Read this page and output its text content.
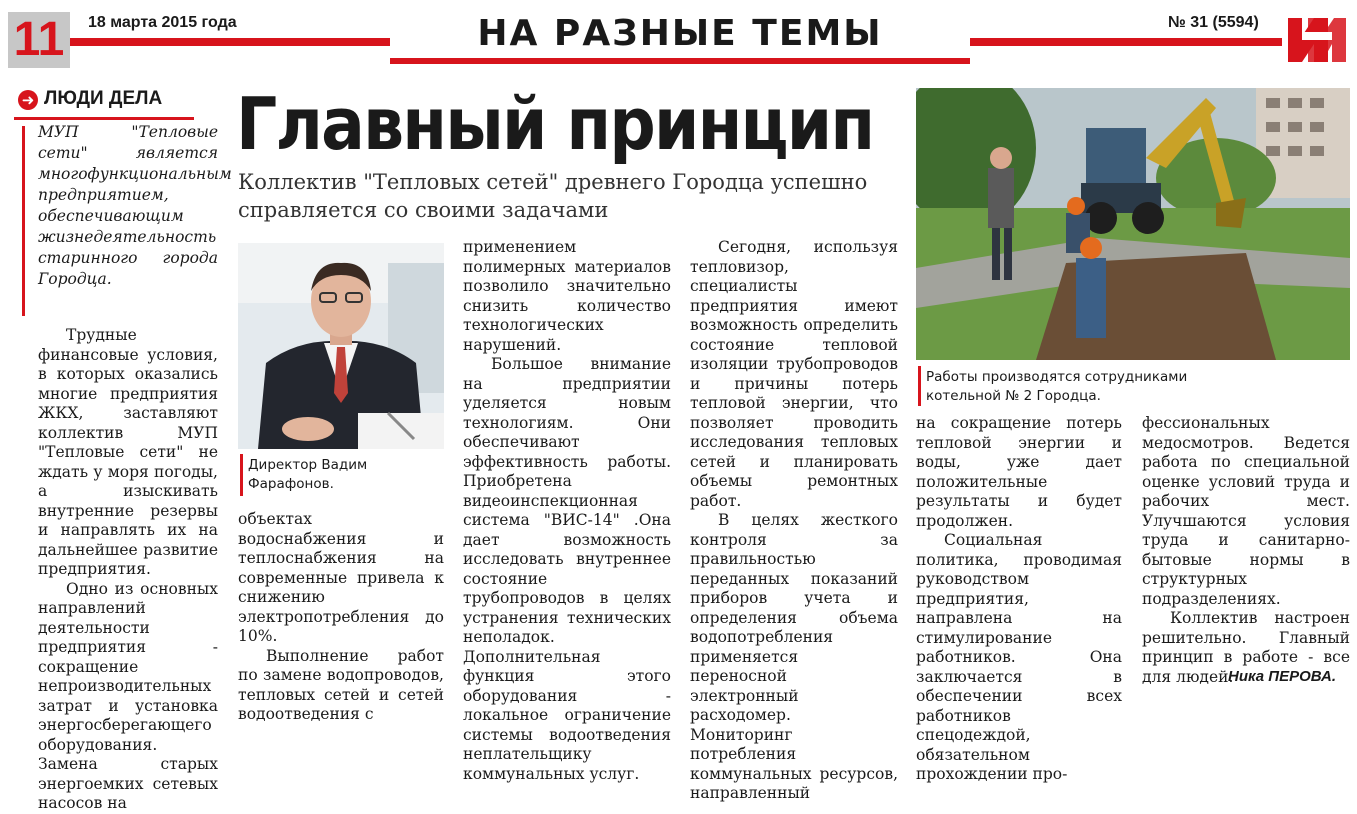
11	18 марта 2015 года	НА РАЗНЫЕ ТЕМЫ	№ 31 (5594)
➜ ЛЮДИ ДЕЛА
МУП "Тепловые сети" является многофункциональным предприятием, обеспечивающим жизнедеятельность старинного города Городца.
Главный принцип
Коллектив "Тепловых сетей" древнего Городца успешно справляется со своими задачами

Трудные финансовые условия, в которых оказались многие предприятия ЖКХ, заставляют коллектив МУП "Тепловые сети" не ждать у моря погоды, а изыскивать внутренние резервы и направлять их на дальнейшее развитие предприятия.

Одно из основных направлений деятельности предприятия - сокращение непроизводительных затрат и установка энергосберегающего оборудования. Замена старых энергоемких сетевых насосов на

Директор Вадим Фарафонов.

объектах водоснабжения и теплоснабжения на современные привела к снижению электропотребления до 10%.

Выполнение работ по замене водопроводов, тепловых сетей и сетей водоотведения с

применением полимерных материалов позволило значительно снизить количество технологических нарушений.

Большое внимание на предприятии уделяется новым технологиям. Они обеспечивают эффективность работы. Приобретена видеоинспекционная система "ВИС-14" .Она дает возможность исследовать внутреннее состояние трубопроводов в целях устранения технических неполадок. Дополнительная функция этого оборудования - локальное ограничение системы водоотведения неплательщику коммунальных услуг.

Сегодня, используя тепловизор, специалисты предприятия имеют возможность определить состояние тепловой изоляции трубопроводов и причины потерь тепловой энергии, что позволяет проводить исследования тепловых сетей и планировать объемы ремонтных работ.

В целях жесткого контроля за правильностью переданных показаний приборов учета и определения объема водопотребления применяется переносной электронный расходомер. Мониторинг потребления коммунальных ресурсов, направленный

Работы производятся сотрудниками котельной № 2 Городца.

на сокращение потерь тепловой энергии и воды, уже дает положительные результаты и будет продолжен.

Социальная политика, проводимая руководством предприятия, направлена на стимулирование работников. Она заключается в обеспечении всех работников спецодеждой, обязательном прохождении про-

фессиональных медосмотров. Ведется работа по специальной оценке условий труда и рабочих мест. Улучшаются условия труда и санитарно-бытовые нормы в структурных подразделениях.

Коллектив настроен решительно. Главный принцип в работе - все для людей.

Ника ПЕРОВА.
